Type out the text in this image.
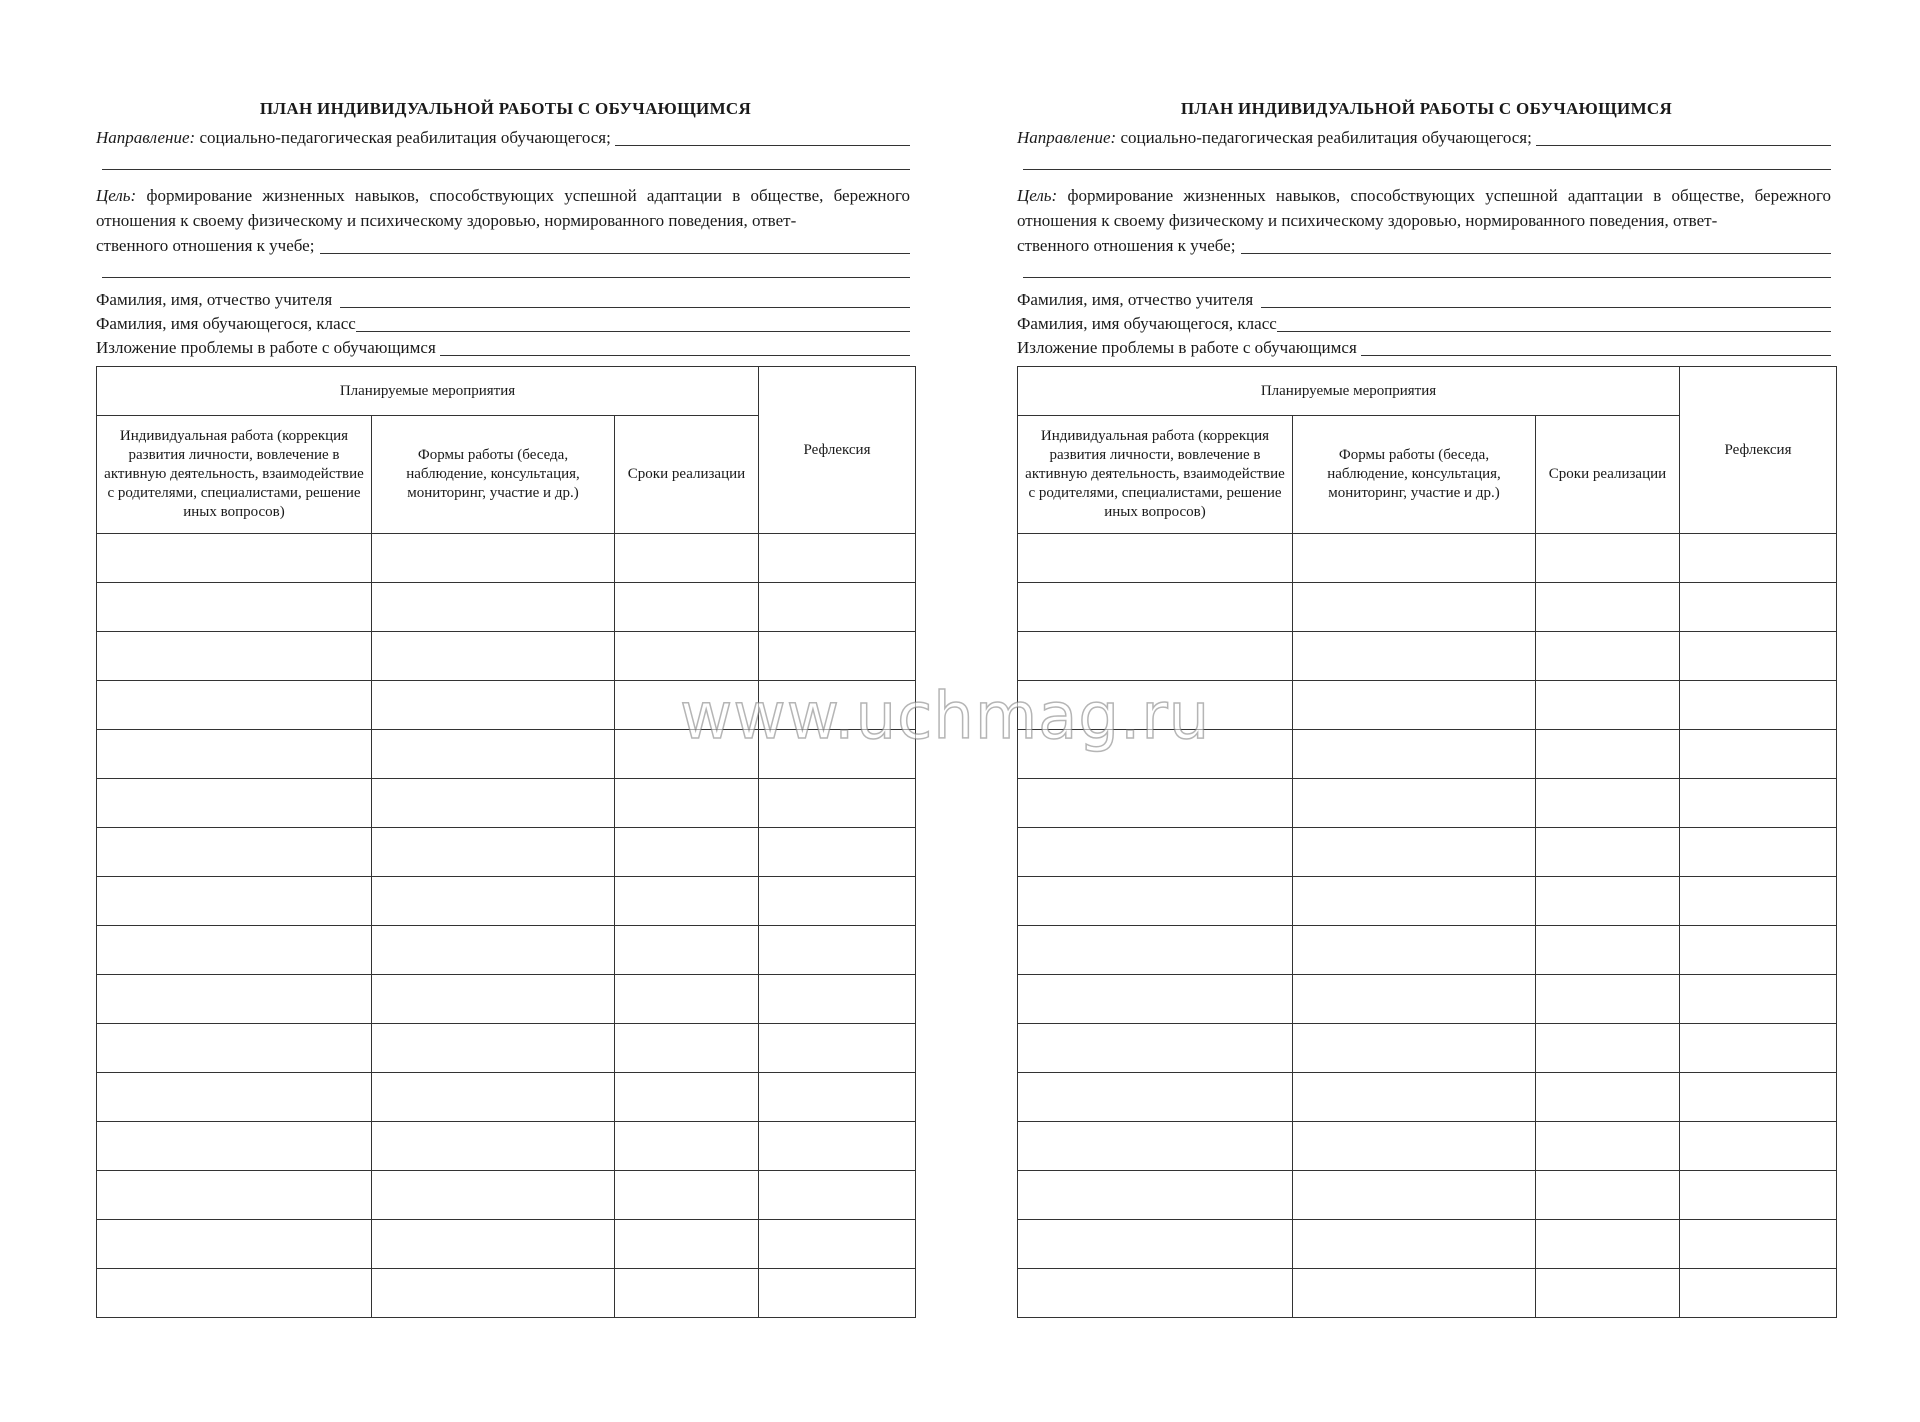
ПЛАН ИНДИВИДУАЛЬНОЙ РАБОТЫ С ОБУЧАЮЩИМСЯ
Направление:
социально-педагогическая реабилитация обучающегося;
Цель: формирование жизненных навыков, способствующих успешной адаптации в обществе, бережного отношения к своему физическому и психическому здоровью, нормированного поведения, ответ-
ственного отношения к учебе;
Фамилия, имя, отчество учителя
Фамилия, имя обучающегося, класс
Изложение проблемы в работе с обучающимся
Планируемые мероприятия			Рефлексия
Индивидуальная работа (коррекция развития личности, вовлечение в активную деятельность, взаимодействие с родителями, специалистами, решение иных вопросов)	Формы работы (беседа, наблюдение, консультация, мониторинг, участие и др.)	Сроки реализации	

ПЛАН ИНДИВИДУАЛЬНОЙ РАБОТЫ С ОБУЧАЮЩИМСЯ
Направление:
социально-педагогическая реабилитация обучающегося;
Цель: формирование жизненных навыков, способствующих успешной адаптации в обществе, бережного отношения к своему физическому и психическому здоровью, нормированного поведения, ответ-
ственного отношения к учебе;
Фамилия, имя, отчество учителя
Фамилия, имя обучающегося, класс
Изложение проблемы в работе с обучающимся
Планируемые мероприятия			Рефлексия
Индивидуальная работа (коррекция развития личности, вовлечение в активную деятельность, взаимодействие с родителями, специалистами, решение иных вопросов)	Формы работы (беседа, наблюдение, консультация, мониторинг, участие и др.)	Сроки реализации	

www.uchmag.ru
